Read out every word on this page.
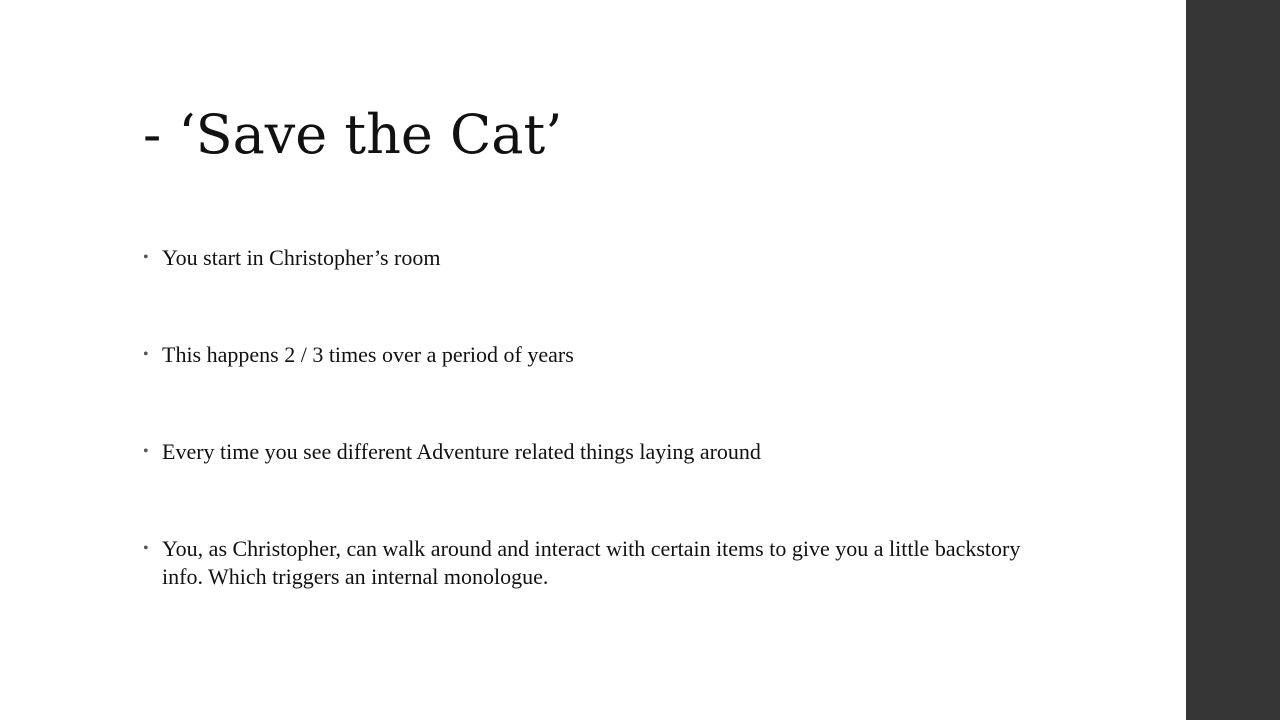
- ‘Save the Cat’
• You start in Christopher’s room
• This happens 2 / 3 times over a period of years
• Every time you see different Adventure related things laying around
• You, as Christopher, can walk around and interact with certain items to give you a little backstory info. Which triggers an internal monologue.
